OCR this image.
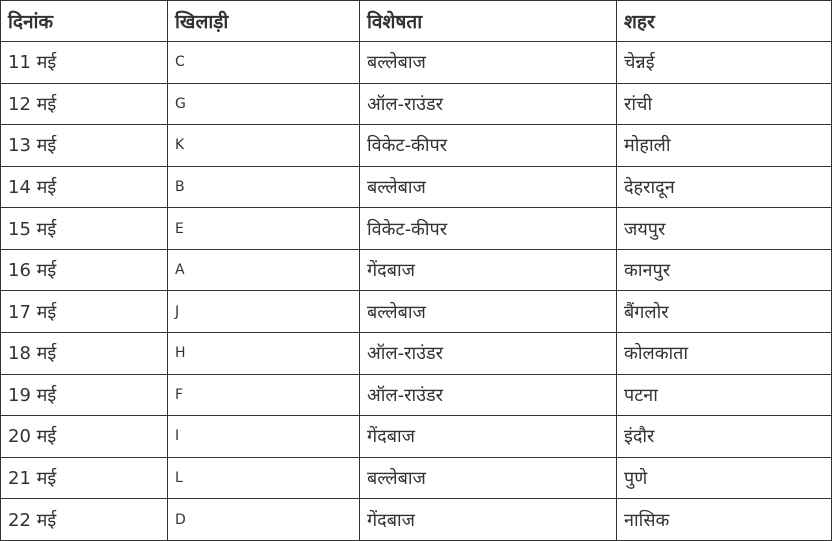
दिनांक	खिलाड़ी	विशेषता	शहर
11 मई	C	बल्लेबाज	चेन्नई
12 मई	G	ऑल-राउंडर	रांची
13 मई	K	विकेट-कीपर	मोहाली
14 मई	B	बल्लेबाज	देहरादून
15 मई	E	विकेट-कीपर	जयपुर
16 मई	A	गेंदबाज	कानपुर
17 मई	J	बल्लेबाज	बैंगलोर
18 मई	H	ऑल-राउंडर	कोलकाता
19 मई	F	ऑल-राउंडर	पटना
20 मई	I	गेंदबाज	इंदौर
21 मई	L	बल्लेबाज	पुणे
22 मई	D	गेंदबाज	नासिक
